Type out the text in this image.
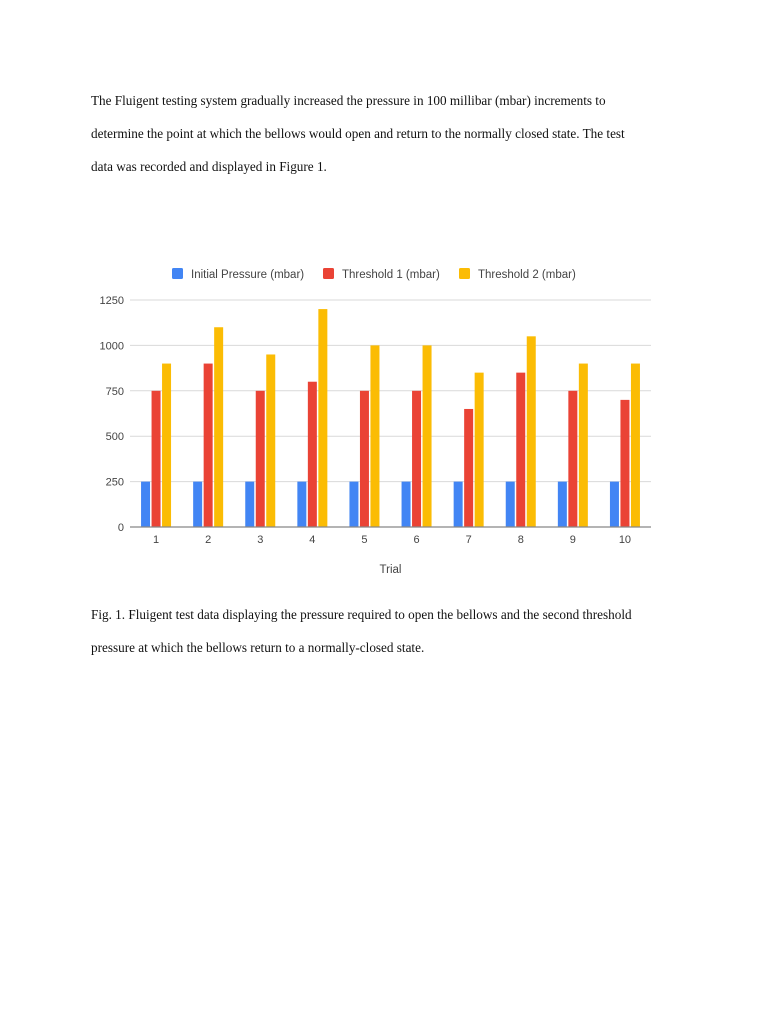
The Fluigent testing system gradually increased the pressure in 100 millibar (mbar) increments to
determine the point at which the bellows would open and return to the normally closed state. The test
data was recorded and displayed in Figure 1.

Initial Pressure (mbar)	Threshold 1 (mbar)	Threshold 2 (mbar)
0
250
500
750
1000
1250
1	2	3	4	5	6	7	8	9	10
Trial

Fig. 1. Fluigent test data displaying the pressure required to open the bellows and the second threshold
pressure at which the bellows return to a normally-closed state.
